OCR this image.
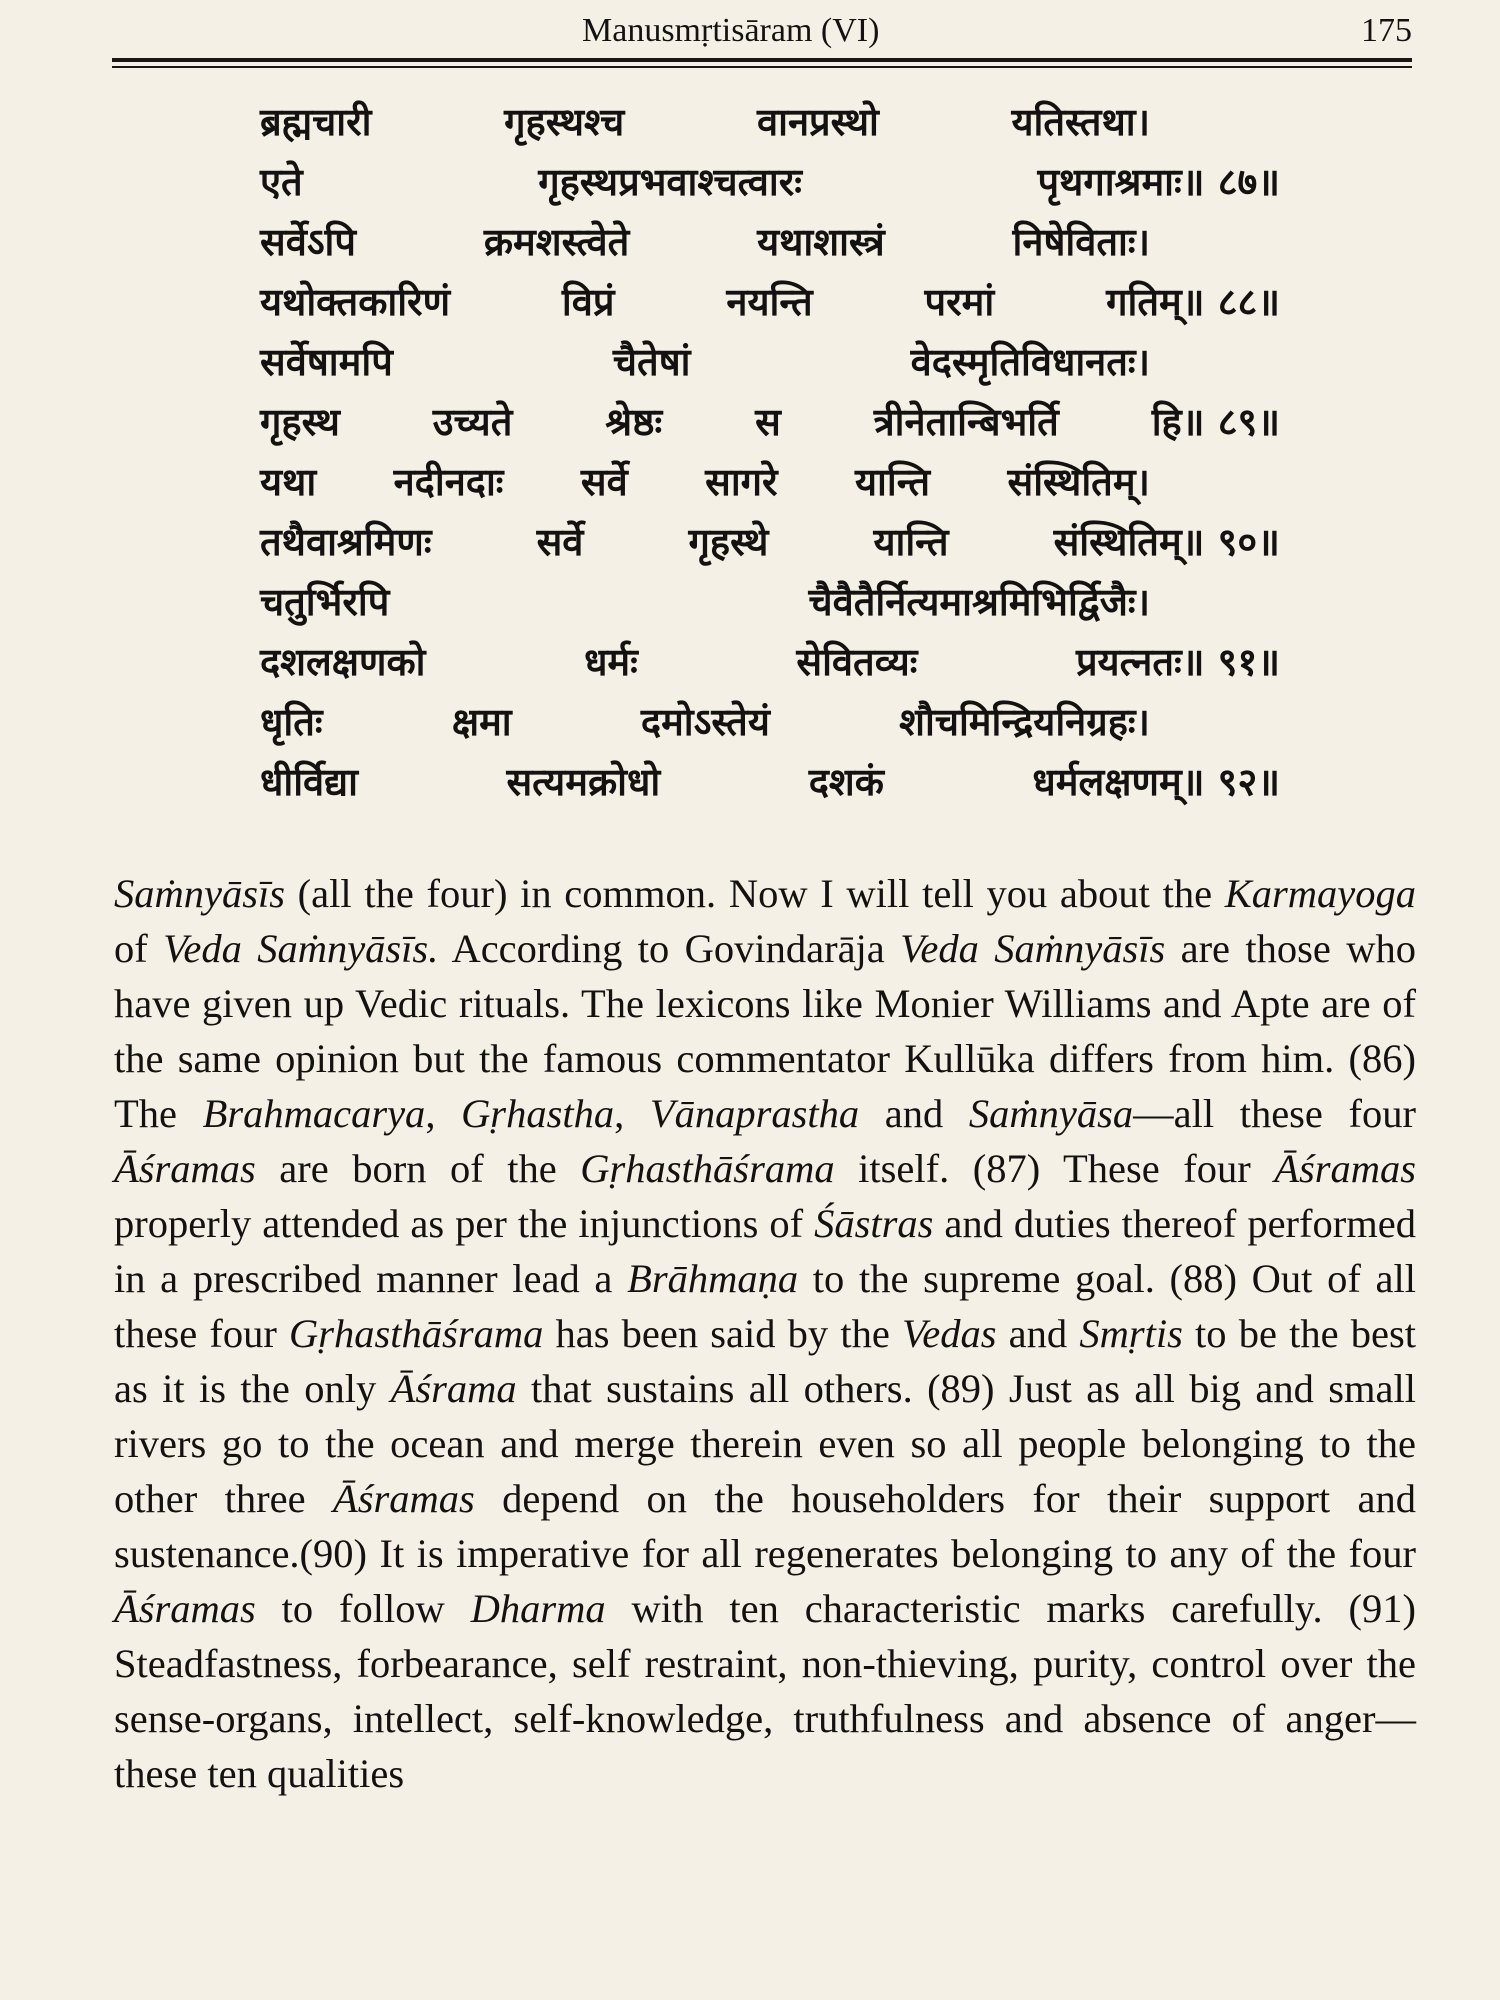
Manusmṛtisāram (VI)	175
ब्रह्मचारी	गृहस्थश्च	वानप्रस्थो	यतिस्तथा।
एते	गृहस्थप्रभवाश्चत्वारः	पृथगाश्रमाः॥ ८७॥
सर्वेऽपि	क्रमशस्त्वेते	यथाशास्त्रं	निषेविताः।
यथोक्तकारिणं	विप्रं	नयन्ति	परमां	गतिम्॥ ८८॥
सर्वेषामपि	चैतेषां	वेदस्मृतिविधानतः।
गृहस्थ उच्यते श्रेष्ठः स त्रीनेतान्बिभर्ति हि॥ ८९॥
यथा नदीनदाः सर्वे सागरे यान्ति संस्थितिम्।
तथैवाश्रमिणः	सर्वे	गृहस्थे	यान्ति	संस्थितिम्॥ ९०॥
चतुर्भिरपि	चैवैतैर्नित्यमाश्रमिभिर्द्विजैः।
दशलक्षणको	धर्मः	सेवितव्यः	प्रयत्नतः॥ ९१॥
धृतिः	क्षमा	दमोऽस्तेयं	शौचमिन्द्रियनिग्रहः।
धीर्विद्या	सत्यमक्रोधो	दशकं	धर्मलक्षणम्॥ ९२॥
Saṁnyāsīs (all the four) in common. Now I will tell you about the Karmayoga of Veda Saṁnyāsīs. According to Govindarāja Veda Saṁnyāsīs are those who have given up Vedic rituals. The lexicons like Monier Williams and Apte are of the same opinion but the famous commentator Kullūka differs from him. (86) The Brahmacarya, Gṛhastha, Vānaprastha and Saṁnyāsa—all these four Āśramas are born of the Gṛhasthāśrama itself. (87) These four Āśramas properly attended as per the injunctions of Śāstras and duties thereof performed in a prescribed manner lead a Brāhmaṇa to the supreme goal. (88) Out of all these four Gṛhasthāśrama has been said by the Vedas and Smṛtis to be the best as it is the only Āśrama that sustains all others. (89) Just as all big and small rivers go to the ocean and merge therein even so all people belonging to the other three Āśramas depend on the householders for their support and sustenance.(90) It is imperative for all regenerates belonging to any of the four Āśramas to follow Dharma with ten characteristic marks carefully. (91) Steadfastness, forbearance, self restraint, non-thieving, purity, control over the sense-organs, intellect, self-knowledge, truthfulness and absence of anger—these ten qualities
